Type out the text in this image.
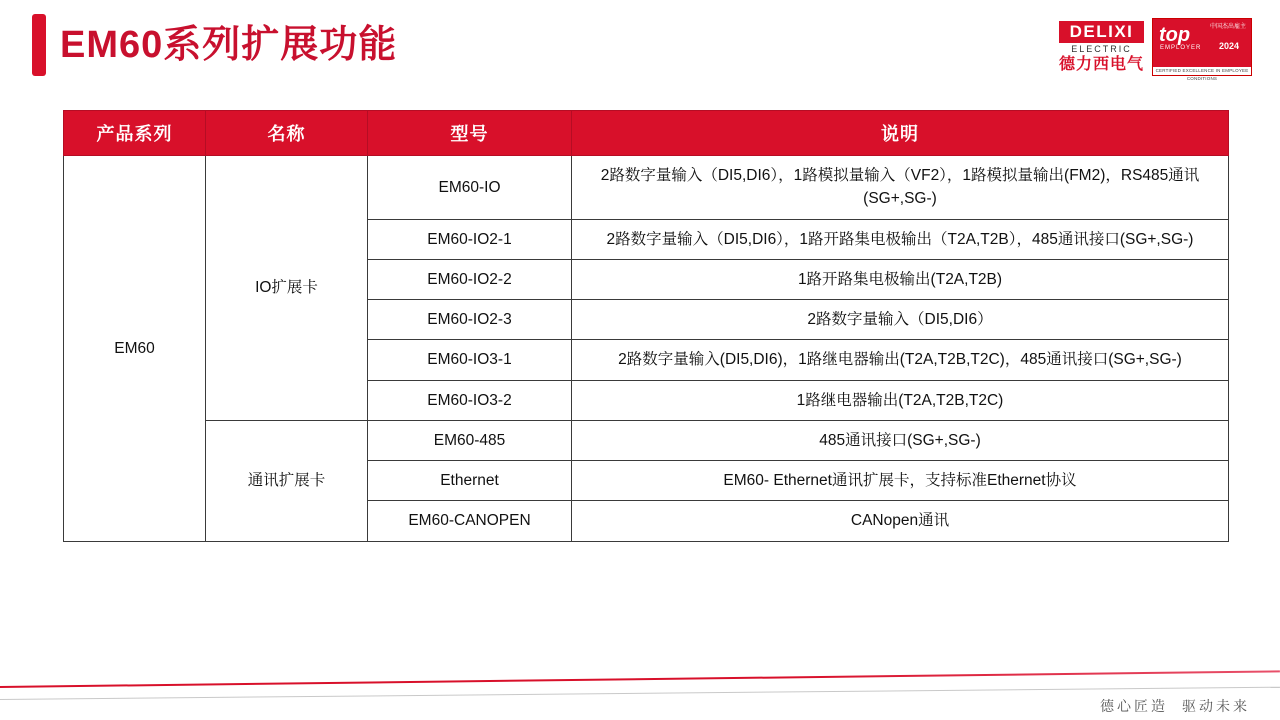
EM60系列扩展功能	DELIXI
ELECTRIC
德力西电气
top
EMPLOYER
中国杰出雇主
2024
CERTIFIED EXCELLENCE IN EMPLOYEE CONDITIONS
产品系列	名称	型号	说明
EM60	IO扩展卡	EM60-IO	2路数字量输入（DI5,DI6），1路模拟量输入（VF2），1路模拟量输出(FM2)，RS485通讯(SG+,SG-)
		EM60-IO2-1	2路数字量输入（DI5,DI6），1路开路集电极输出（T2A,T2B），485通讯接口(SG+,SG-)
		EM60-IO2-2	1路开路集电极输出(T2A,T2B)
		EM60-IO2-3	2路数字量输入（DI5,DI6）
		EM60-IO3-1	2路数字量输入(DI5,DI6)，1路继电器输出(T2A,T2B,T2C)，485通讯接口(SG+,SG-)
		EM60-IO3-2	1路继电器输出(T2A,T2B,T2C)
	通讯扩展卡	EM60-485	485通讯接口(SG+,SG-)
		Ethernet	EM60- Ethernet通讯扩展卡，支持标准Ethernet协议
		EM60-CANOPEN	CANopen通讯
德心匠造 驱动未来
